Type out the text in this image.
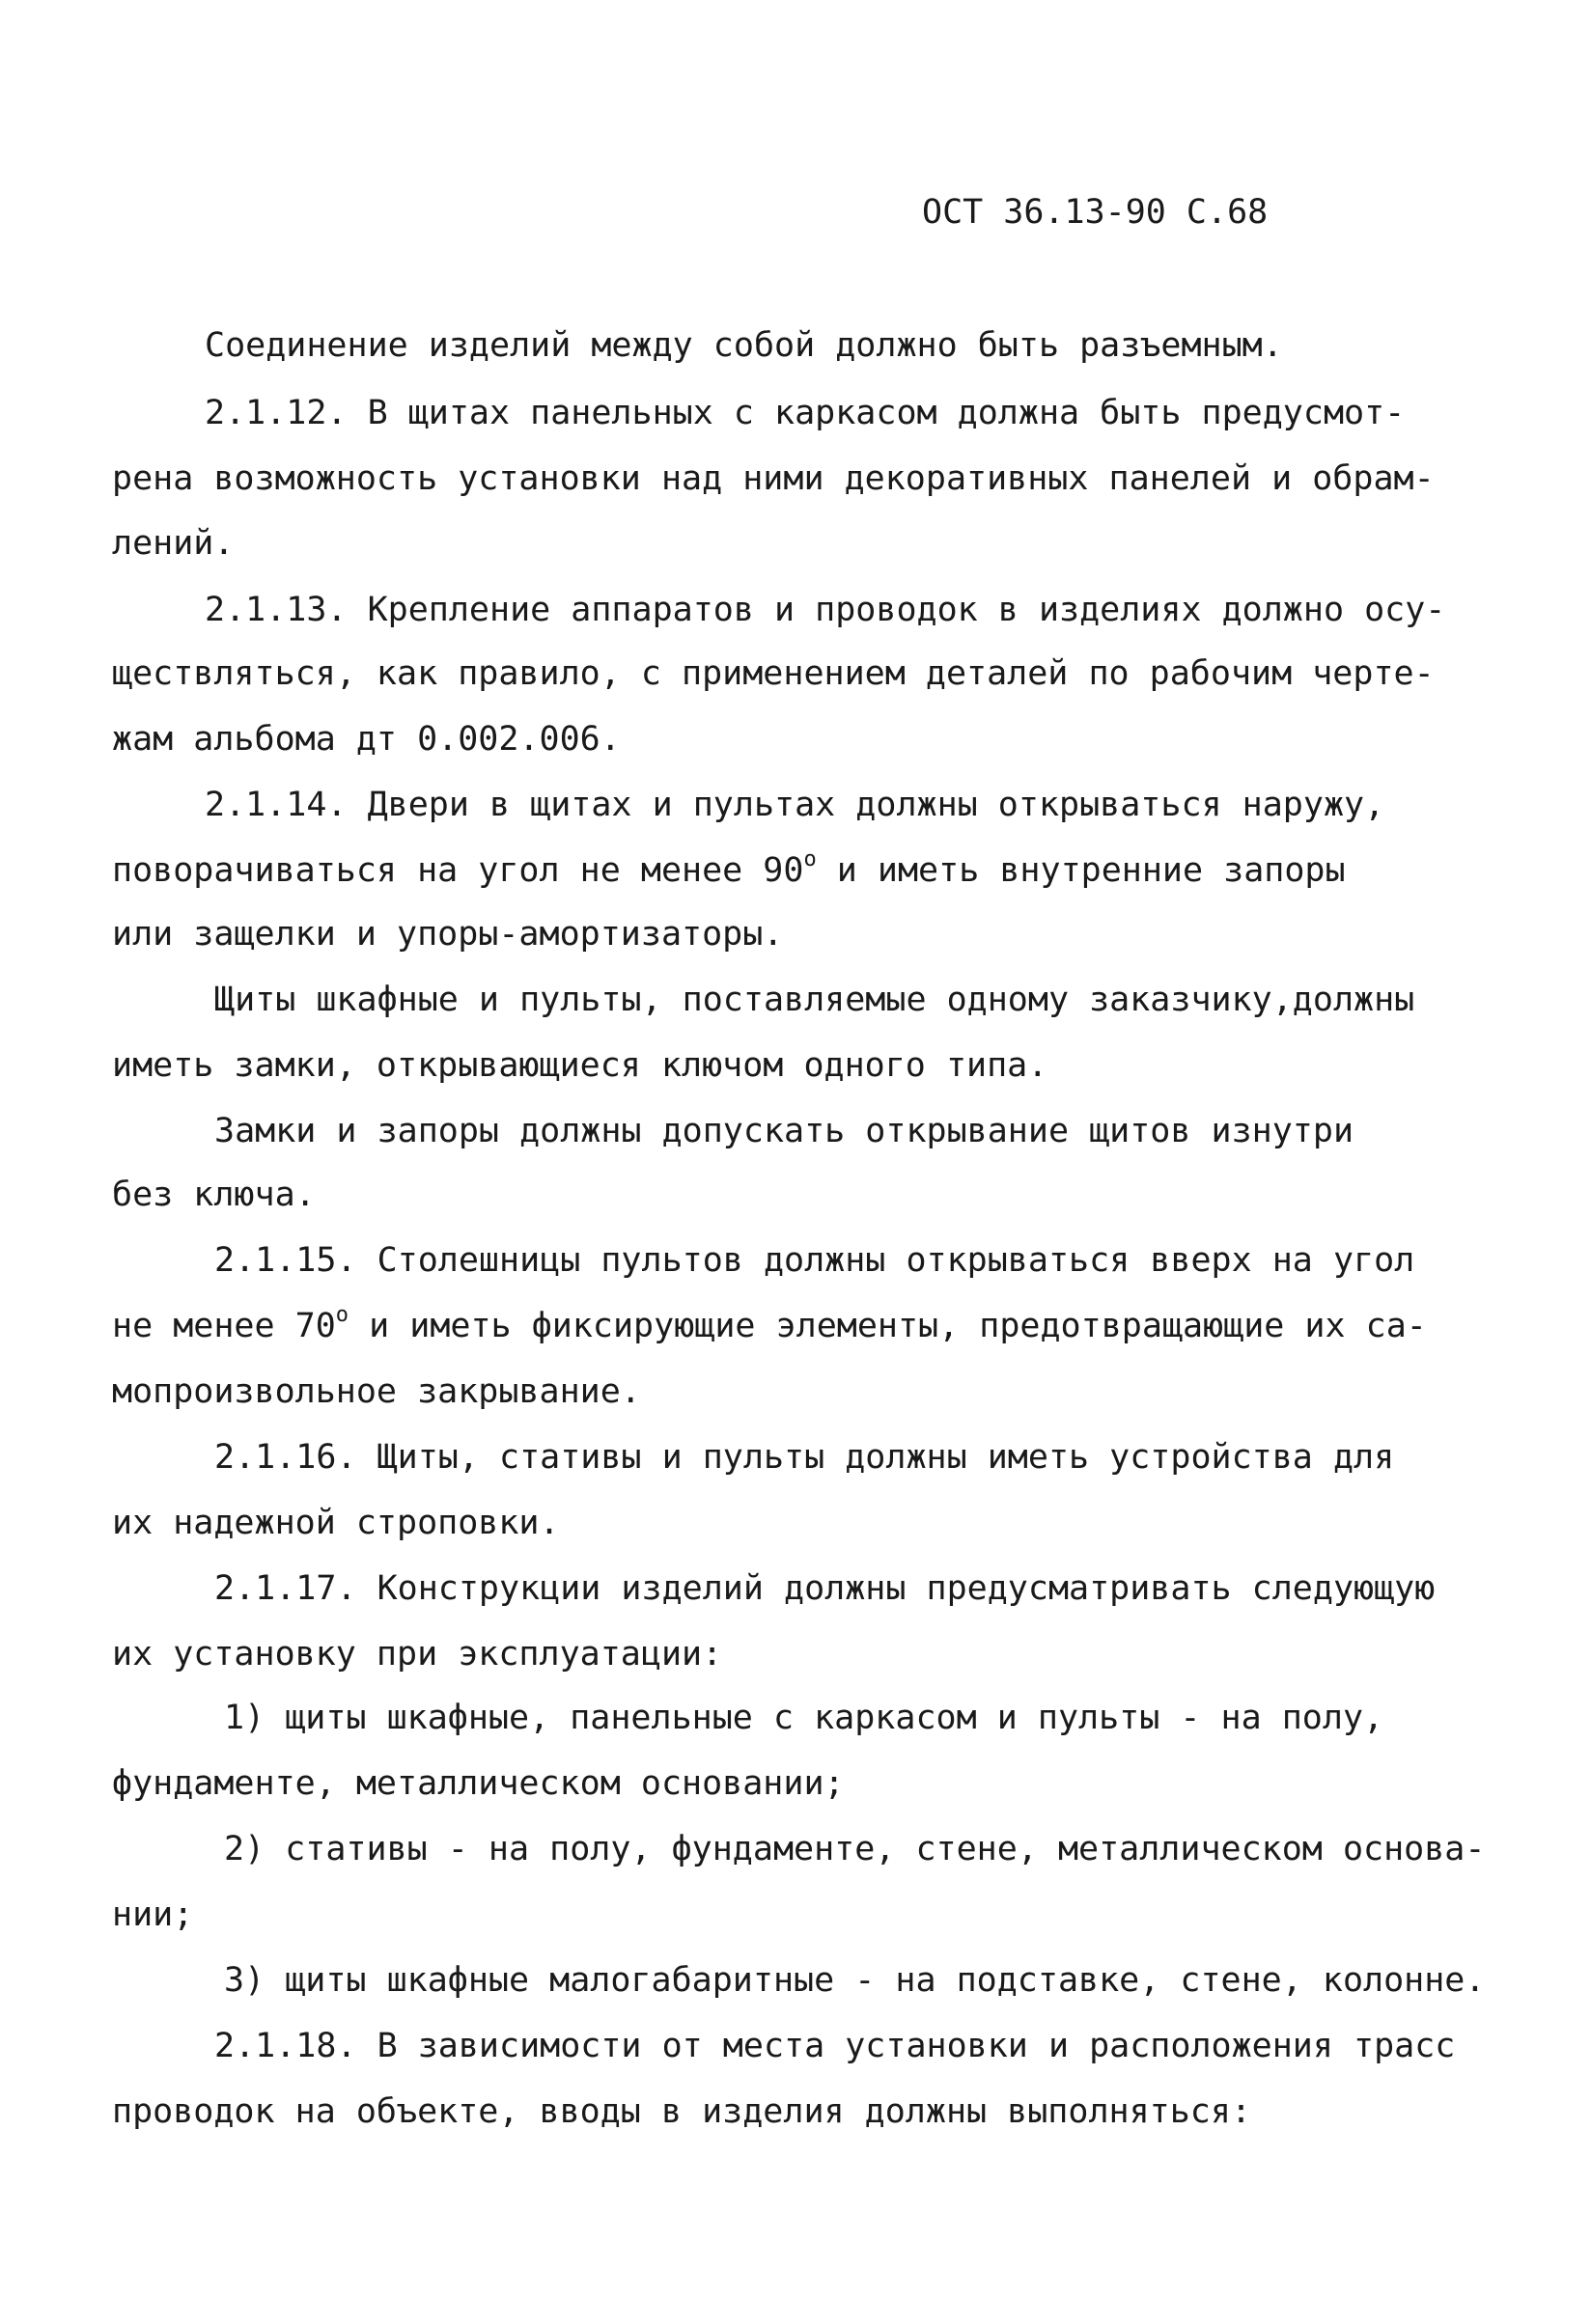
ОСТ 36.13-90 С.68
Соединение изделий между собой должно быть разъемным.
2.1.12. В щитах панельных с каркасом должна быть предусмот-
рена возможность установки над ними декоративных панелей и обрам-
лений.
2.1.13. Крепление аппаратов и проводок в изделиях должно осу-
ществляться, как правило, с применением деталей по рабочим черте-
жам альбома дт 0.002.006.
2.1.14. Двери в щитах и пультах должны открываться наружу,
поворачиваться на угол не менее $90^о$ и иметь внутренние запоры
или защелки и упоры-амортизаторы.
Щиты шкафные и пульты, поставляемые одному заказчику,должны
иметь замки, открывающиеся ключом одного типа.
Замки и запоры должны допускать открывание щитов изнутри
без ключа.
2.1.15. Столешницы пультов должны открываться вверх на угол
не менее $70^о$ и иметь фиксирующие элементы, предотвращающие их са-
мопроизвольное закрывание.
2.1.16. Щиты, стативы и пульты должны иметь устройства для
их надежной строповки.
2.1.17. Конструкции изделий должны предусматривать следующую
их установку при эксплуатации:
1) щиты шкафные, панельные с каркасом и пульты - на полу,
фундаменте, металлическом основании;
2) стативы - на полу, фундаменте, стене, металлическом основа-
нии;
3) щиты шкафные малогабаритные - на подставке, стене, колонне.
2.1.18. В зависимости от места установки и расположения трасс
проводок на объекте, вводы в изделия должны выполняться:
